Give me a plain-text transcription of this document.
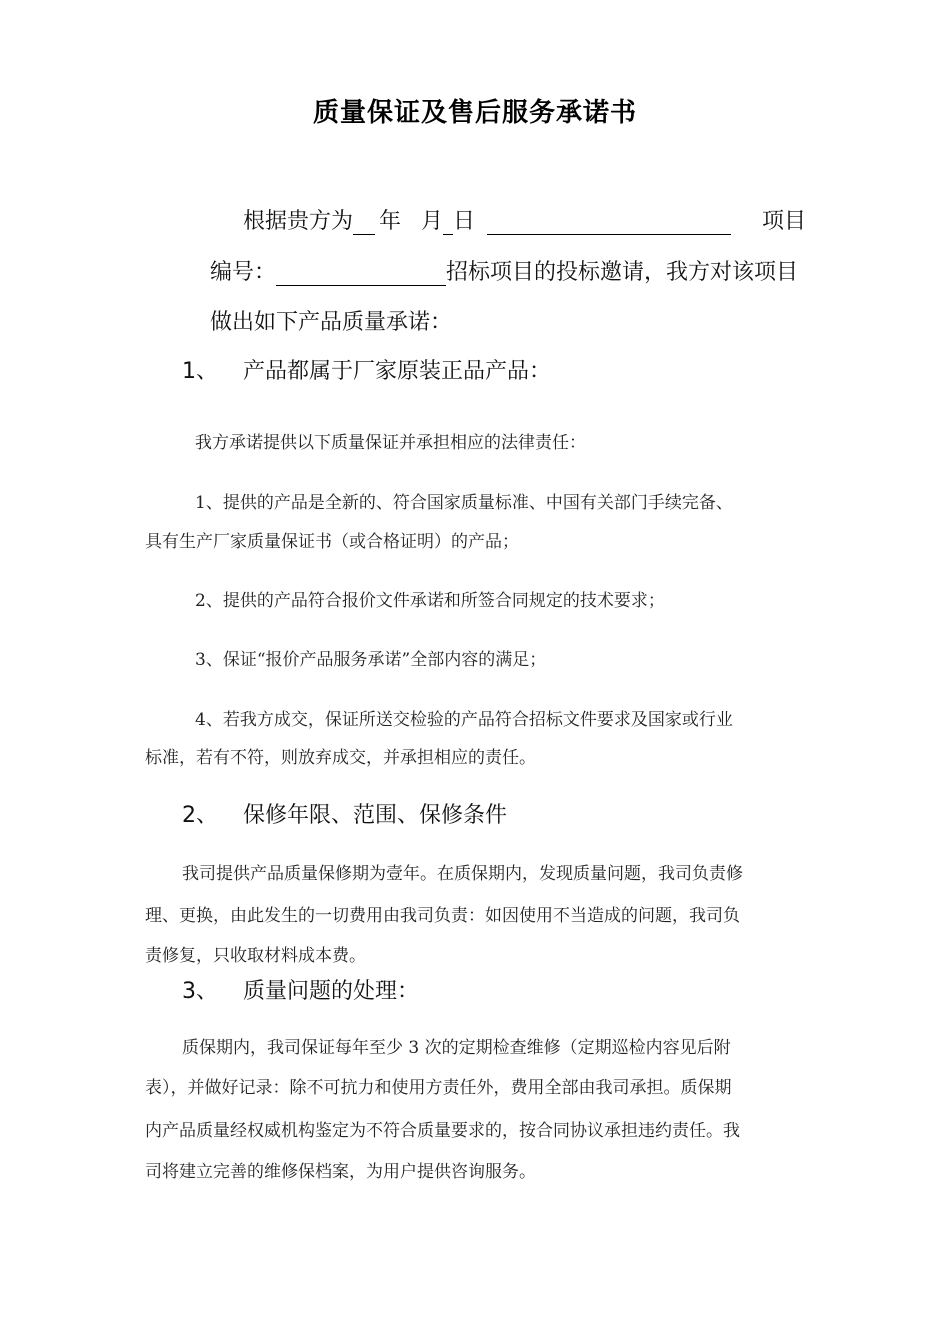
质量保证及售后服务承诺书
根据贵方为 年 月 日	项目
编号：	招标项目的投标邀请，我方对该项目
做出如下产品质量承诺：
1、 产品都属于厂家原装正品产品：
我方承诺提供以下质量保证并承担相应的法律责任：
1、提供的产品是全新的、符合国家质量标准、中国有关部门手续完备、
具有生产厂家质量保证书（或合格证明）的产品；
2、提供的产品符合报价文件承诺和所签合同规定的技术要求；
3、保证“报价产品服务承诺”全部内容的满足；
4、若我方成交，保证所送交检验的产品符合招标文件要求及国家或行业
标准，若有不符，则放弃成交，并承担相应的责任。
2、 保修年限、范围、保修条件
我司提供产品质量保修期为壹年。在质保期内，发现质量问题，我司负责修
理、更换，由此发生的一切费用由我司负责：如因使用不当造成的问题，我司负
责修复，只收取材料成本费。
3、 质量问题的处理：
质保期内，我司保证每年至少 3 次的定期检查维修（定期巡检内容见后附
表），并做好记录：除不可抗力和使用方责任外，费用全部由我司承担。质保期
内产品质量经权威机构鉴定为不符合质量要求的，按合同协议承担违约责任。我
司将建立完善的维修保档案，为用户提供咨询服务。
